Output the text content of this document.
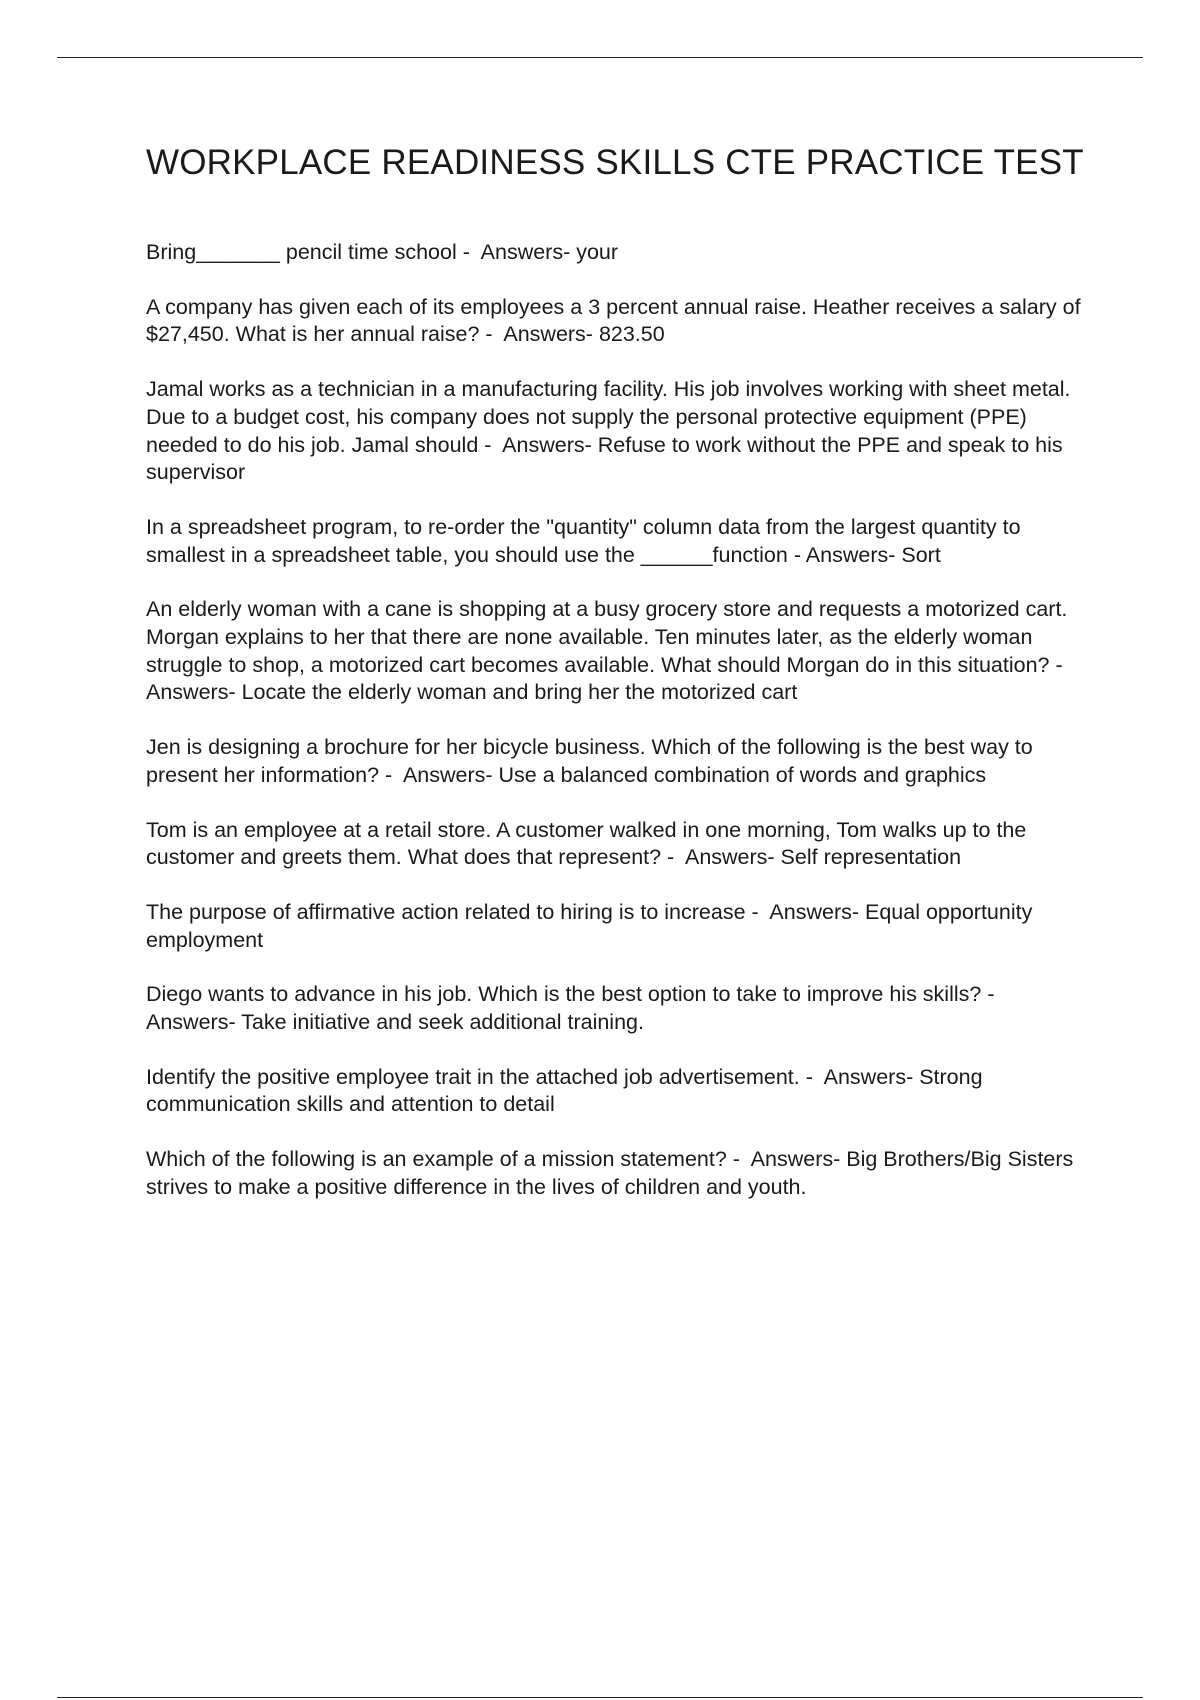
WORKPLACE READINESS SKILLS CTE PRACTICE TEST

Bring_______ pencil time school -  Answers- your

A company has given each of its employees a 3 percent annual raise. Heather receives a salary of $27,450. What is her annual raise? -  Answers- 823.50

Jamal works as a technician in a manufacturing facility. His job involves working with sheet metal. Due to a budget cost, his company does not supply the personal protective equipment (PPE) needed to do his job. Jamal should -  Answers- Refuse to work without the PPE and speak to his supervisor

In a spreadsheet program, to re-order the "quantity" column data from the largest quantity to smallest in a spreadsheet table, you should use the ______function - Answers- Sort

An elderly woman with a cane is shopping at a busy grocery store and requests a motorized cart. Morgan explains to her that there are none available. Ten minutes later, as the elderly woman struggle to shop, a motorized cart becomes available. What should Morgan do in this situation? -  Answers- Locate the elderly woman and bring her the motorized cart

Jen is designing a brochure for her bicycle business. Which of the following is the best way to present her information? -  Answers- Use a balanced combination of words and graphics

Tom is an employee at a retail store. A customer walked in one morning, Tom walks up to the customer and greets them. What does that represent? -  Answers- Self representation

The purpose of affirmative action related to hiring is to increase -  Answers- Equal opportunity employment

Diego wants to advance in his job. Which is the best option to take to improve his skills? -  Answers- Take initiative and seek additional training.

Identify the positive employee trait in the attached job advertisement. -  Answers- Strong communication skills and attention to detail

Which of the following is an example of a mission statement? -  Answers- Big Brothers/Big Sisters strives to make a positive difference in the lives of children and youth.
